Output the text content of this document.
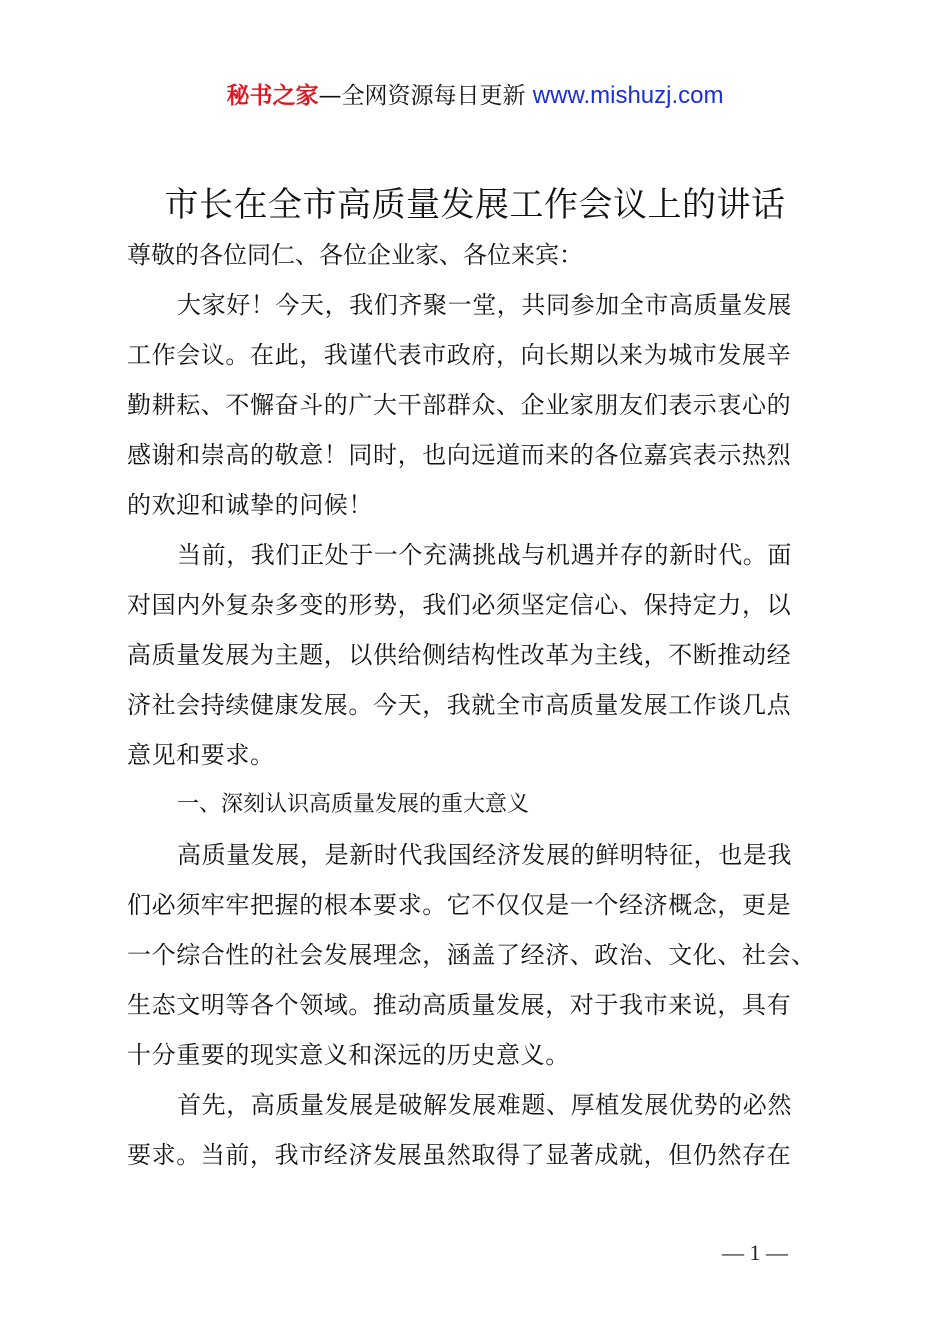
秘书之家—全网资源每日更新 www.mishuzj.com
市长在全市高质量发展工作会议上的讲话
尊敬的各位同仁、各位企业家、各位来宾：
大家好！今天，我们齐聚一堂，共同参加全市高质量发展
工作会议。在此，我谨代表市政府，向长期以来为城市发展辛
勤耕耘、不懈奋斗的广大干部群众、企业家朋友们表示衷心的
感谢和崇高的敬意！同时，也向远道而来的各位嘉宾表示热烈
的欢迎和诚挚的问候！
当前，我们正处于一个充满挑战与机遇并存的新时代。面
对国内外复杂多变的形势，我们必须坚定信心、保持定力，以
高质量发展为主题，以供给侧结构性改革为主线，不断推动经
济社会持续健康发展。今天，我就全市高质量发展工作谈几点
意见和要求。
一、深刻认识高质量发展的重大意义
高质量发展，是新时代我国经济发展的鲜明特征，也是我
们必须牢牢把握的根本要求。它不仅仅是一个经济概念，更是
一个综合性的社会发展理念，涵盖了经济、政治、文化、社会、
生态文明等各个领域。推动高质量发展，对于我市来说，具有
十分重要的现实意义和深远的历史意义。
首先，高质量发展是破解发展难题、厚植发展优势的必然
要求。当前，我市经济发展虽然取得了显著成就，但仍然存在
— 1 —
